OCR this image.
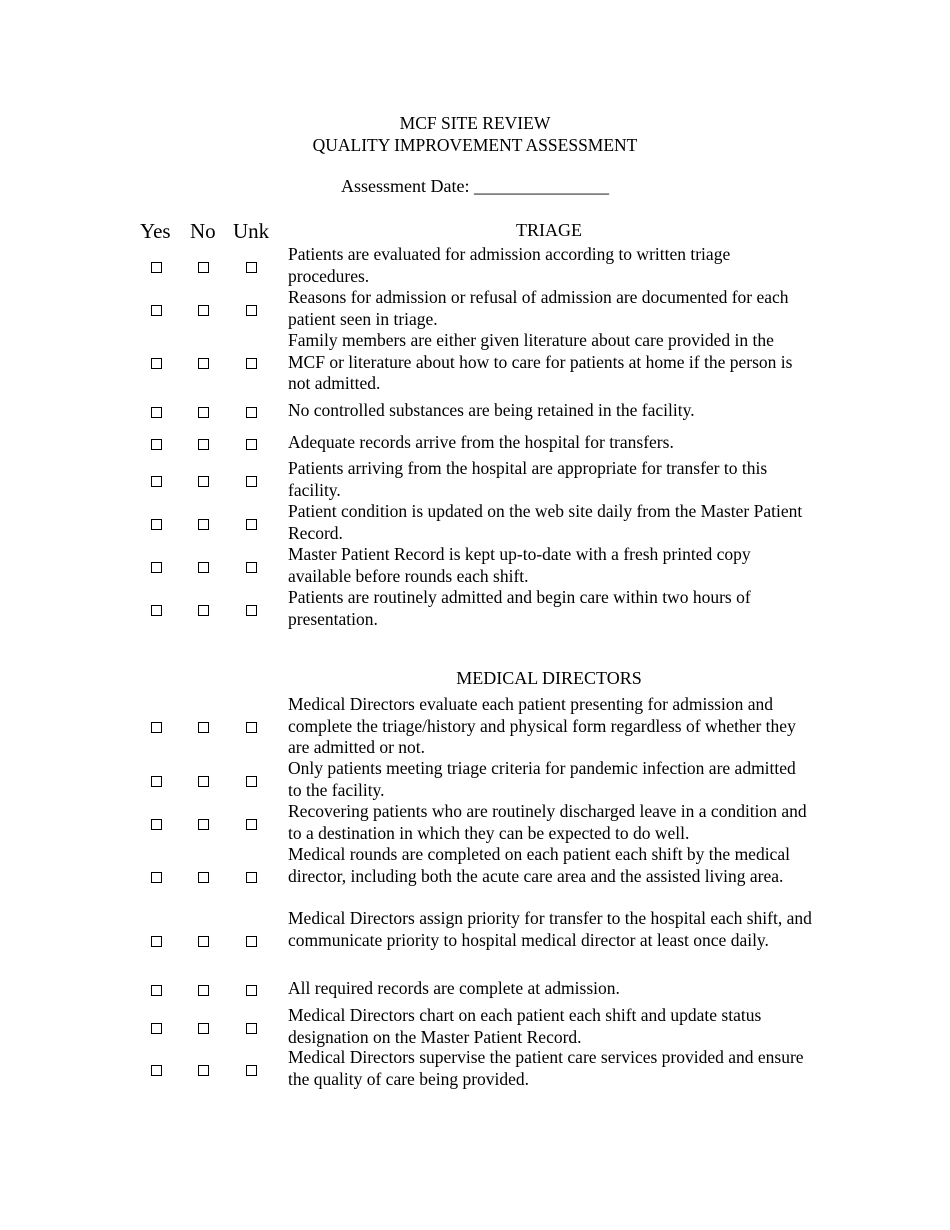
MCF SITE REVIEW
QUALITY IMPROVEMENT ASSESSMENT
Assessment Date: _______________
Yes No Unk	TRIAGE
Patients are evaluated for admission according to written triage procedures.
Reasons for admission or refusal of admission are documented for each patient seen in triage.
Family members are either given literature about care provided in the MCF or literature about how to care for patients at home if the person is not admitted.
No controlled substances are being retained in the facility.
Adequate records arrive from the hospital for transfers.
Patients arriving from the hospital are appropriate for transfer to this facility.
Patient condition is updated on the web site daily from the Master Patient Record.
Master Patient Record is kept up-to-date with a fresh printed copy available before rounds each shift.
Patients are routinely admitted and begin care within two hours of presentation.
MEDICAL DIRECTORS
Medical Directors evaluate each patient presenting for admission and complete the triage/history and physical form regardless of whether they are admitted or not.
Only patients meeting triage criteria for pandemic infection are admitted to the facility.
Recovering patients who are routinely discharged leave in a condition and to a destination in which they can be expected to do well.
Medical rounds are completed on each patient each shift by the medical director, including both the acute care area and the assisted living area.
Medical Directors assign priority for transfer to the hospital each shift, and communicate priority to hospital medical director at least once daily.
All required records are complete at admission.
Medical Directors chart on each patient each shift and update status designation on the Master Patient Record.
Medical Directors supervise the patient care services provided and ensure the quality of care being provided.
